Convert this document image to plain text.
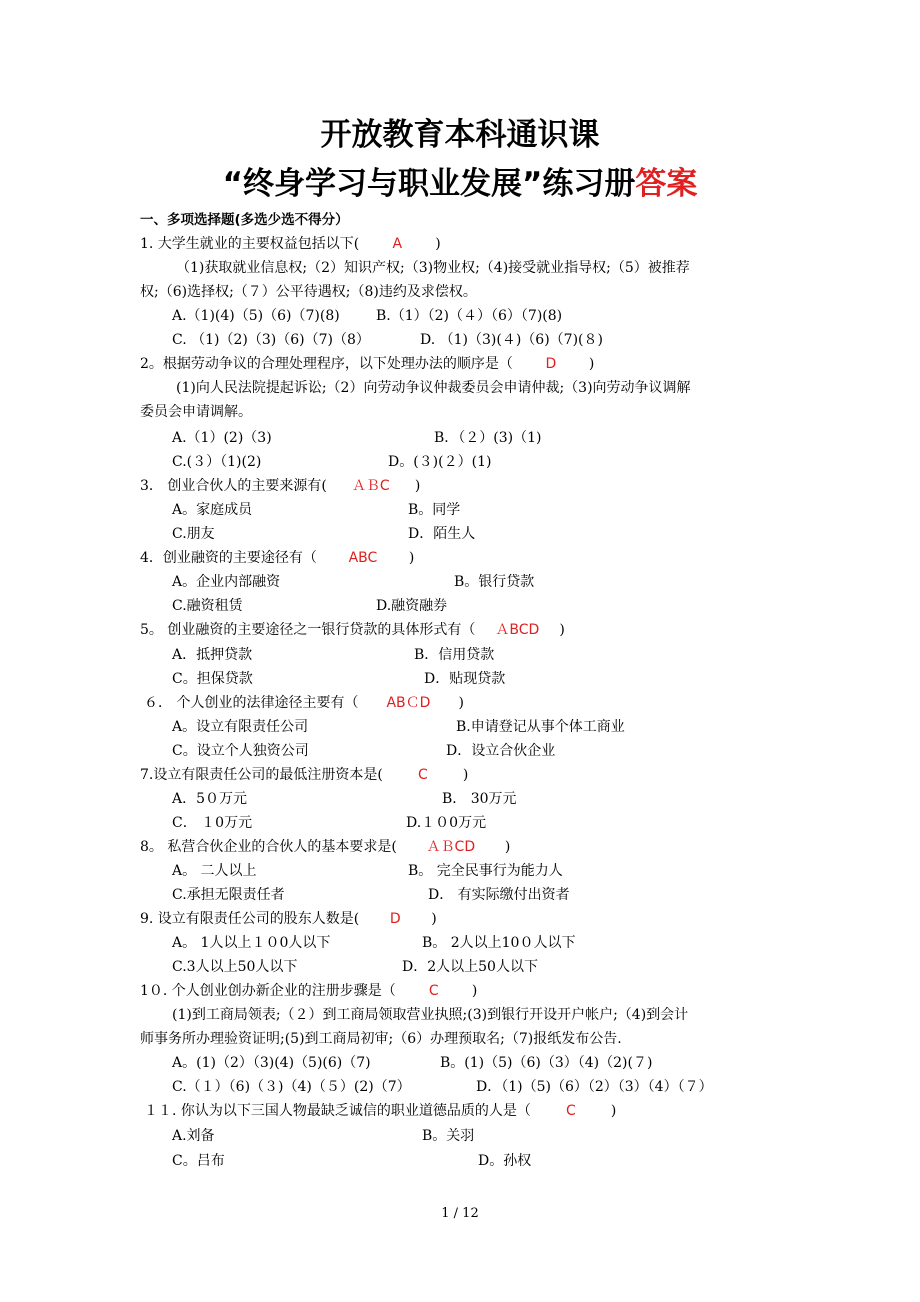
开放教育本科通识课
“终身学习与职业发展”练习册答案
一、多项选择题(多选少选不得分）
1. 大学生就业的主要权益包括以下( A )
（1)获取就业信息权;（2）知识产权;（3)物业权;（4)接受就业指导权;（5）被推荐
权;（6)选择权;（７）公平待遇权;（8)违约及求偿权。
A.（1)(4)（5)（6)（7)(8)	B.（1）（2)（４）（6）（7)(8)
C. （1)（2)（3)（6)（7)（8）	D. （1)（3)(４)（6)（7)(８)
2。根据劳动争议的合理处理程序，以下处理办法的顺序是（ D )
(1)向人民法院提起诉讼;（2）向劳动争议仲裁委员会申请仲裁;（3)向劳动争议调解
委员会申请调解。
A.（1）(2)（3)	B．（２）(3)（1)
C.(３）（1)(2)	D。(３)(２）(1)
3． 创业合伙人的主要来源有( ＡＢC )
A。家庭成员	B。同学
C.朋友	D．陌生人
4．创业融资的主要途径有（ ABC )
A。企业内部融资	B。银行贷款
C.融资租赁	D.融资融券
5。 创业融资的主要途径之一银行贷款的具体形式有（ ＡBCD )
A．抵押贷款	B．信用贷款
C。担保贷款	D．贴现贷款
６． 个人创业的法律途径主要有（ ABＣD )
A。设立有限责任公司	B.申请登记从事个体工商业
C。设立个人独资公司	D．设立合伙企业
7.设立有限责任公司的最低注册资本是(	C	)
A．5０万元	B． 30万元
C． １0万元	D.１０0万元
8。 私营合伙企业的合伙人的基本要求是( ＡＢCD )
A。 二人以上	B。 完全民事行为能力人
C.承担无限责任者	D． 有实际缴付出资者
9. 设立有限责任公司的股东人数是( D )
A。 1人以上１０0人以下	B。 2人以上10０人以下
C.3人以上50人以下	D．2人以上50人以下
1０. 个人创业创办新企业的注册步骤是（ C )
(1)到工商局领表;（２）到工商局领取营业执照;(3)到银行开设开户帐户;（4)到会计
师事务所办理验资证明;(5)到工商局初审;（6）办理预取名;（7)报纸发布公告.
A。(1)（2）（3)(4)（5)(6)（7)	B。(1)（5)（6)（3）（4)（2)(７)
C.（１）（6)（３)（4)（５）(2)（7）	D．（1)（5)（6）（2）（3）（4）（７）
１１. 你认为以下三国人物最缺乏诚信的职业道德品质的人是（	C	)
A.刘备	B。关羽
C。吕布	D。孙权
1 / 12
